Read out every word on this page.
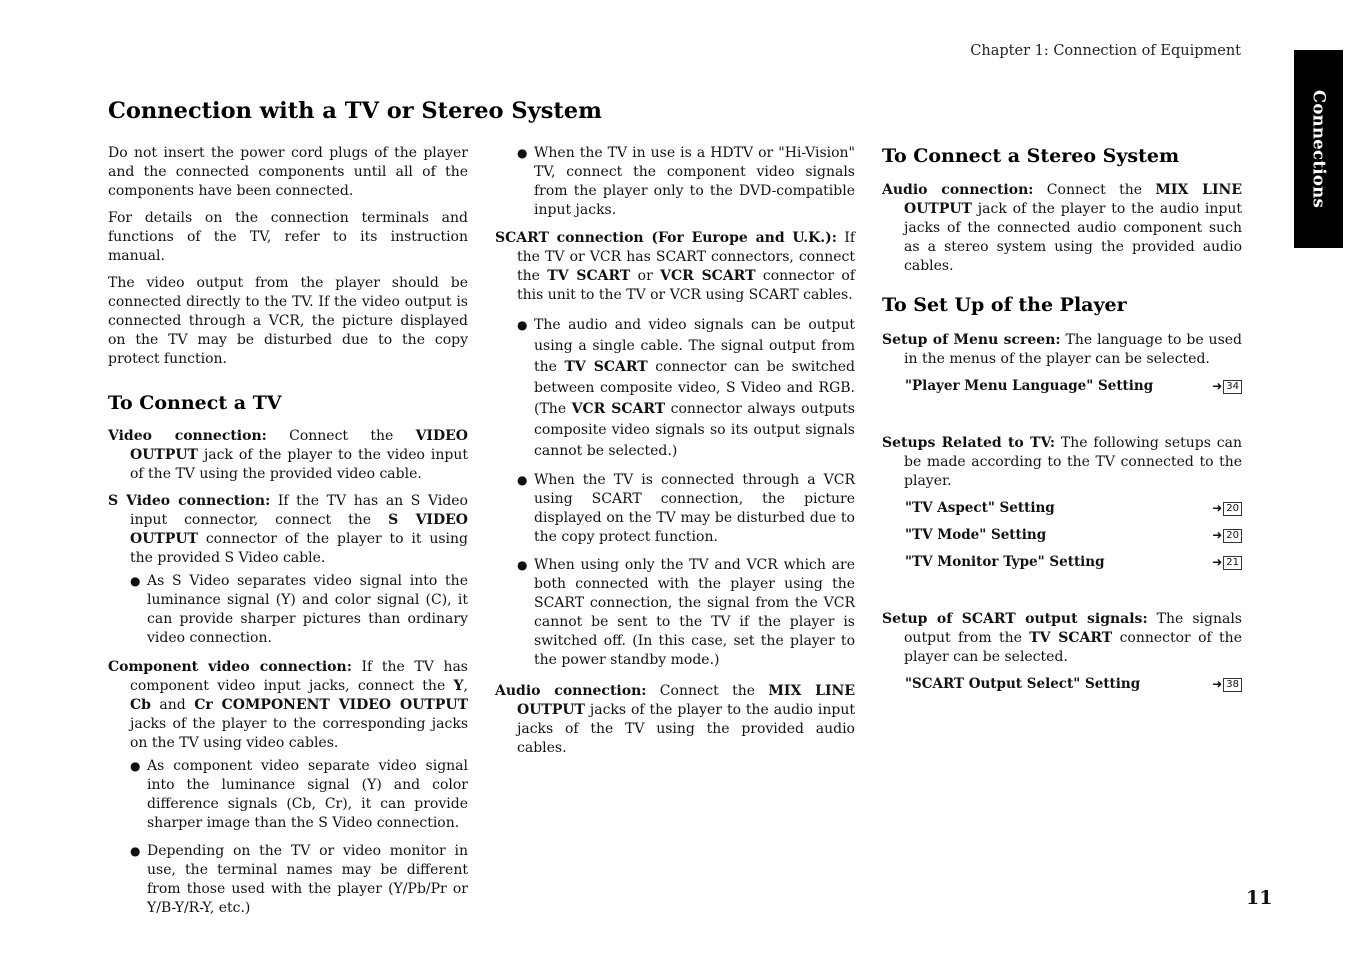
Chapter 1: Connection of Equipment
Connections
Connection with a TV or Stereo System

Do not insert the power cord plugs of the player and the connected components until all of the components have been connected.

For details on the connection terminals and functions of the TV, refer to its instruction manual.

The video output from the player should be connected directly to the TV. If the video output is connected through a VCR, the picture displayed on the TV may be disturbed due to the copy protect function.

To Connect a TV

Video connection: Connect the VIDEO OUTPUT jack of the player to the video input of the TV using the provided video cable.

S Video connection: If the TV has an S Video input connector, connect the S VIDEO OUTPUT connector of the player to it using the provided S Video cable.

● As S Video separates video signal into the luminance signal (Y) and color signal (C), it can provide sharper pictures than ordinary video connection.

Component video connection: If the TV has component video input jacks, connect the Y, Cb and Cr COMPONENT VIDEO OUTPUT jacks of the player to the corresponding jacks on the TV using video cables.

● As component video separate video signal into the luminance signal (Y) and color difference signals (Cb, Cr), it can provide sharper image than the S Video connection.
● Depending on the TV or video monitor in use, the terminal names may be different from those used with the player (Y/Pb/Pr or Y/B-Y/R-Y, etc.)
● When the TV in use is a HDTV or "Hi-Vision" TV, connect the component video signals from the player only to the DVD-compatible input jacks.

SCART connection (For Europe and U.K.): If the TV or VCR has SCART connectors, connect the TV SCART or VCR SCART connector of this unit to the TV or VCR using SCART cables.

● The audio and video signals can be output using a single cable. The signal output from the TV SCART connector can be switched between composite video, S Video and RGB. (The VCR SCART connector always outputs composite video signals so its output signals cannot be selected.)
● When the TV is connected through a VCR using SCART connection, the picture displayed on the TV may be disturbed due to the copy protect function.
● When using only the TV and VCR which are both connected with the player using the SCART connection, the signal from the VCR cannot be sent to the TV if the player is switched off. (In this case, set the player to the power standby mode.)

Audio connection: Connect the MIX LINE OUTPUT jacks of the player to the audio input jacks of the TV using the provided audio cables.

To Connect a Stereo System

Audio connection: Connect the MIX LINE OUTPUT jack of the player to the audio input jacks of the connected audio component such as a stereo system using the provided audio cables.

To Set Up of the Player

Setup of Menu screen: The language to be used in the menus of the player can be selected.

"Player Menu Language" Setting	➜ 34

Setups Related to TV: The following setups can be made according to the TV connected to the player.

"TV Aspect" Setting	➜ 20
"TV Mode" Setting	➜ 20
"TV Monitor Type" Setting	➜ 21

Setup of SCART output signals: The signals output from the TV SCART connector of the player can be selected.

"SCART Output Select" Setting	➜ 38
11
